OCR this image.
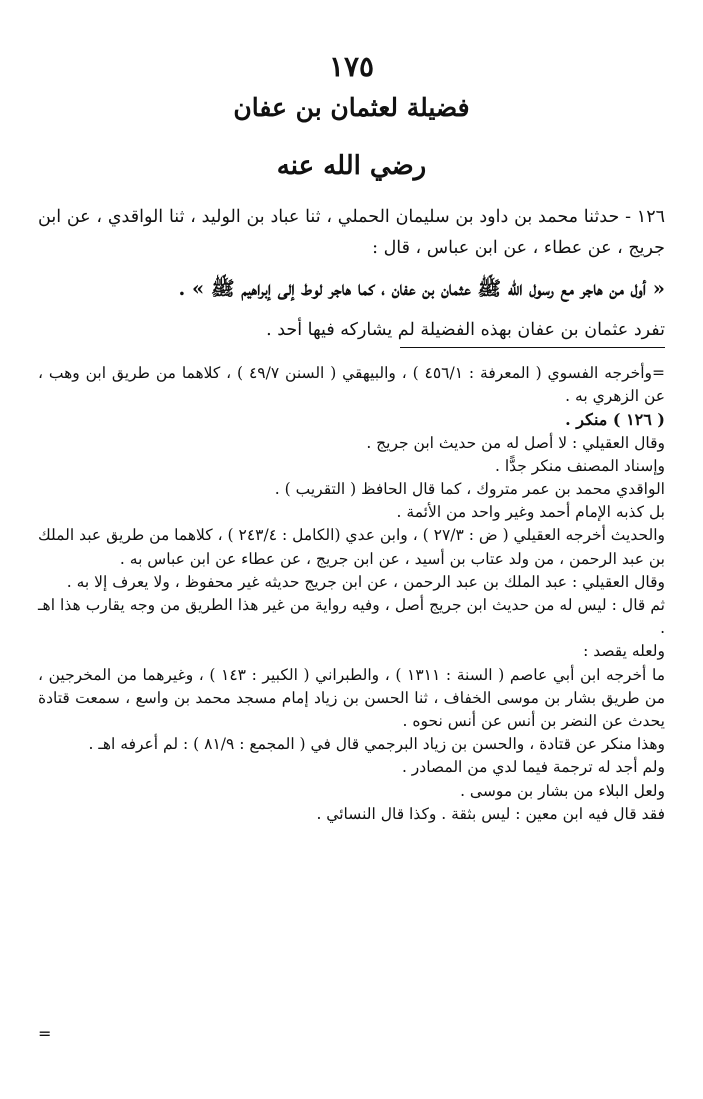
١٧٥
فضيلة لعثمان بن عفان
رضي الله عنه
١٢٦ - حدثنا محمد بن داود بن سليمان الحملي ، ثنا عباد بن الوليد ، ثنا الواقدي ، عن ابن جريج ، عن عطاء ، عن ابن عباس ، قال :
« أول من هاجر مع رسول الله ﷺ عثمان بن عفان ، كما هاجر لوط إلى إبراهيم ﷺ » .
تفرد عثمان بن عفان بهذه الفضيلة لم يشاركه فيها أحد .

=وأخرجه الفسوي ( المعرفة : ٤٥٦/١ ) ، والبيهقي ( السنن ٤٩/٧ ) ، كلاهما من طريق ابن وهب ، عن الزهري به .

( ١٢٦ ) منكر .

وقال العقيلي : لا أصل له من حديث ابن جريج .

وإسناد المصنف منكر جدًّا .

الواقدي محمد بن عمر متروك ، كما قال الحافظ ( التقريب ) .

بل كذبه الإمام أحمد وغير واحد من الأئمة .

والحديث أخرجه العقيلي ( ض : ٢٧/٣ ) ، وابن عدي (الكامل : ٢٤٣/٤ ) ، كلاهما من طريق عبد الملك بن عبد الرحمن ، من ولد عتاب بن أسيد ، عن ابن جريج ، عن عطاء عن ابن عباس به .

وقال العقيلي : عبد الملك بن عبد الرحمن ، عن ابن جريج حديثه غير محفوظ ، ولا يعرف إلا به .

ثم قال : ليس له من حديث ابن جريج أصل ، وفيه رواية من غير هذا الطريق من وجه يقارب هذا اهـ .

ولعله يقصد :

ما أخرجه ابن أبي عاصم ( السنة : ١٣١١ ) ، والطبراني ( الكبير : ١٤٣ ) ، وغيرهما من المخرجين ، من طريق بشار بن موسى الخفاف ، ثنا الحسن بن زياد إمام مسجد محمد بن واسع ، سمعت قتادة يحدث عن النضر بن أنس عن أنس نحوه .

وهذا منكر عن قتادة ، والحسن بن زياد البرجمي قال في ( المجمع : ٨١/٩ ) : لم أعرفه اهـ .

ولم أجد له ترجمة فيما لدي من المصادر .

ولعل البلاء من بشار بن موسى .

فقد قال فيه ابن معين : ليس بثقة . وكذا قال النسائي .

=
